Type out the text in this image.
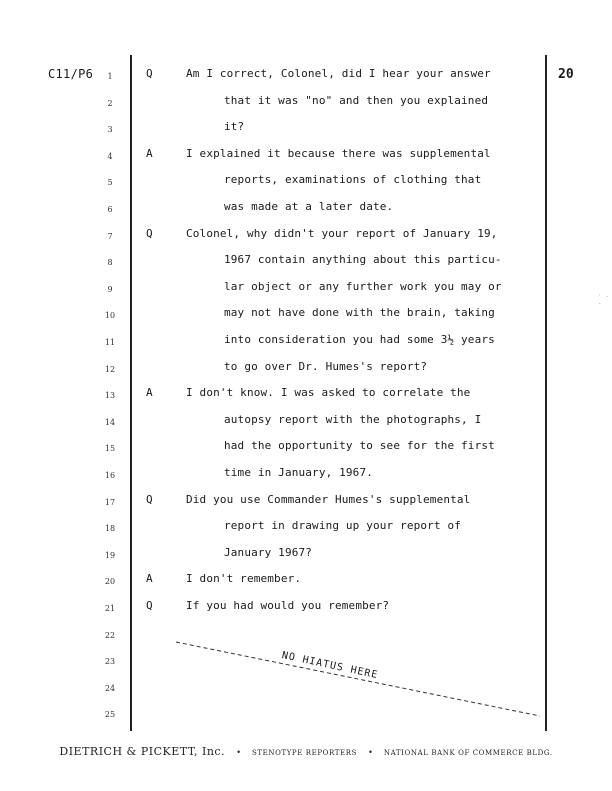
C11/P6	20
1	Q	Am I correct, Colonel, did I hear your answer
2	that it was "no" and then you explained
3	it?
4	A	I explained it because there was supplemental
5	reports, examinations of clothing that
6	was made at a later date.
7	Q	Colonel, why didn't your report of January 19,
8	1967 contain anything about this particu-
9	lar object or any further work you may or
10	may not have done with the brain, taking
11	into consideration you had some 3½ years
12	to go over Dr. Humes's report?
13	A	I don't know. I was asked to correlate the
14	autopsy report with the photographs, I
15	had the opportunity to see for the first
16	time in January, 1967.
17	Q	Did you use Commander Humes's supplemental
18	report in drawing up your report of
19	January 1967?
20	A	I don't remember.
21	Q	If you had would you remember?
22
23
24
25
NO HIATUS HERE
· . .
DIETRICH & PICKETT, Inc. • STENOTYPE REPORTERS • NATIONAL BANK OF COMMERCE BLDG.
